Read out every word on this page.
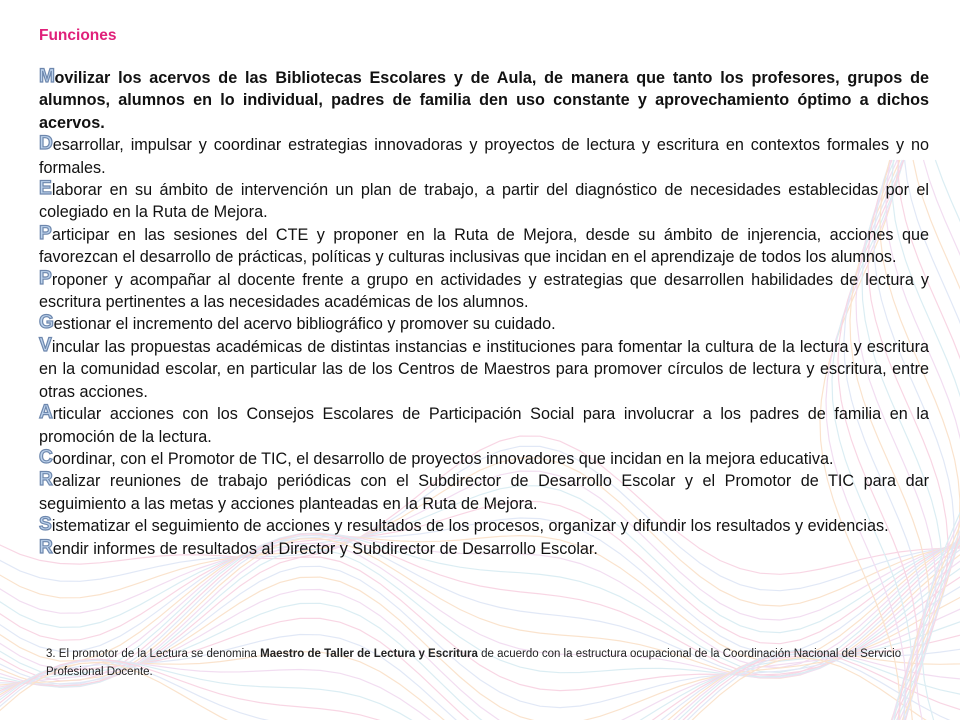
Funciones

Movilizar los acervos de las Bibliotecas Escolares y de Aula, de manera que tanto los profesores, grupos de alumnos, alumnos en lo individual, padres de familia den uso constante y aprovechamiento óptimo a dichos acervos.

Desarrollar, impulsar y coordinar estrategias innovadoras y proyectos de lectura y escritura en contextos formales y no formales.

Elaborar en su ámbito de intervención un plan de trabajo, a partir del diagnóstico de necesidades establecidas por el colegiado en la Ruta de Mejora.

Participar en las sesiones del CTE y proponer en la Ruta de Mejora, desde su ámbito de injerencia, acciones que favorezcan el desarrollo de prácticas, políticas y culturas inclusivas que incidan en el aprendizaje de todos los alumnos.

Proponer y acompañar al docente frente a grupo en actividades y estrategias que desarrollen habilidades de lectura y escritura pertinentes a las necesidades académicas de los alumnos.

Gestionar el incremento del acervo bibliográfico y promover su cuidado.

Vincular las propuestas académicas de distintas instancias e instituciones para fomentar la cultura de la lectura y escritura en la comunidad escolar, en particular las de los Centros de Maestros para promover círculos de lectura y escritura, entre otras acciones.

Articular acciones con los Consejos Escolares de Participación Social para involucrar a los padres de familia en la promoción de la lectura.

Coordinar, con el Promotor de TIC, el desarrollo de proyectos innovadores que incidan en la mejora educativa.

Realizar reuniones de trabajo periódicas con el Subdirector de Desarrollo Escolar y el Promotor de TIC para dar seguimiento a las metas y acciones planteadas en la Ruta de Mejora.

Sistematizar el seguimiento de acciones y resultados de los procesos, organizar y difundir los resultados y evidencias.

Rendir informes de resultados al Director y Subdirector de Desarrollo Escolar.

3. El promotor de la Lectura se denomina Maestro de Taller de Lectura y Escritura de acuerdo con la estructura ocupacional de la Coordinación Nacional del Servicio Profesional Docente.
